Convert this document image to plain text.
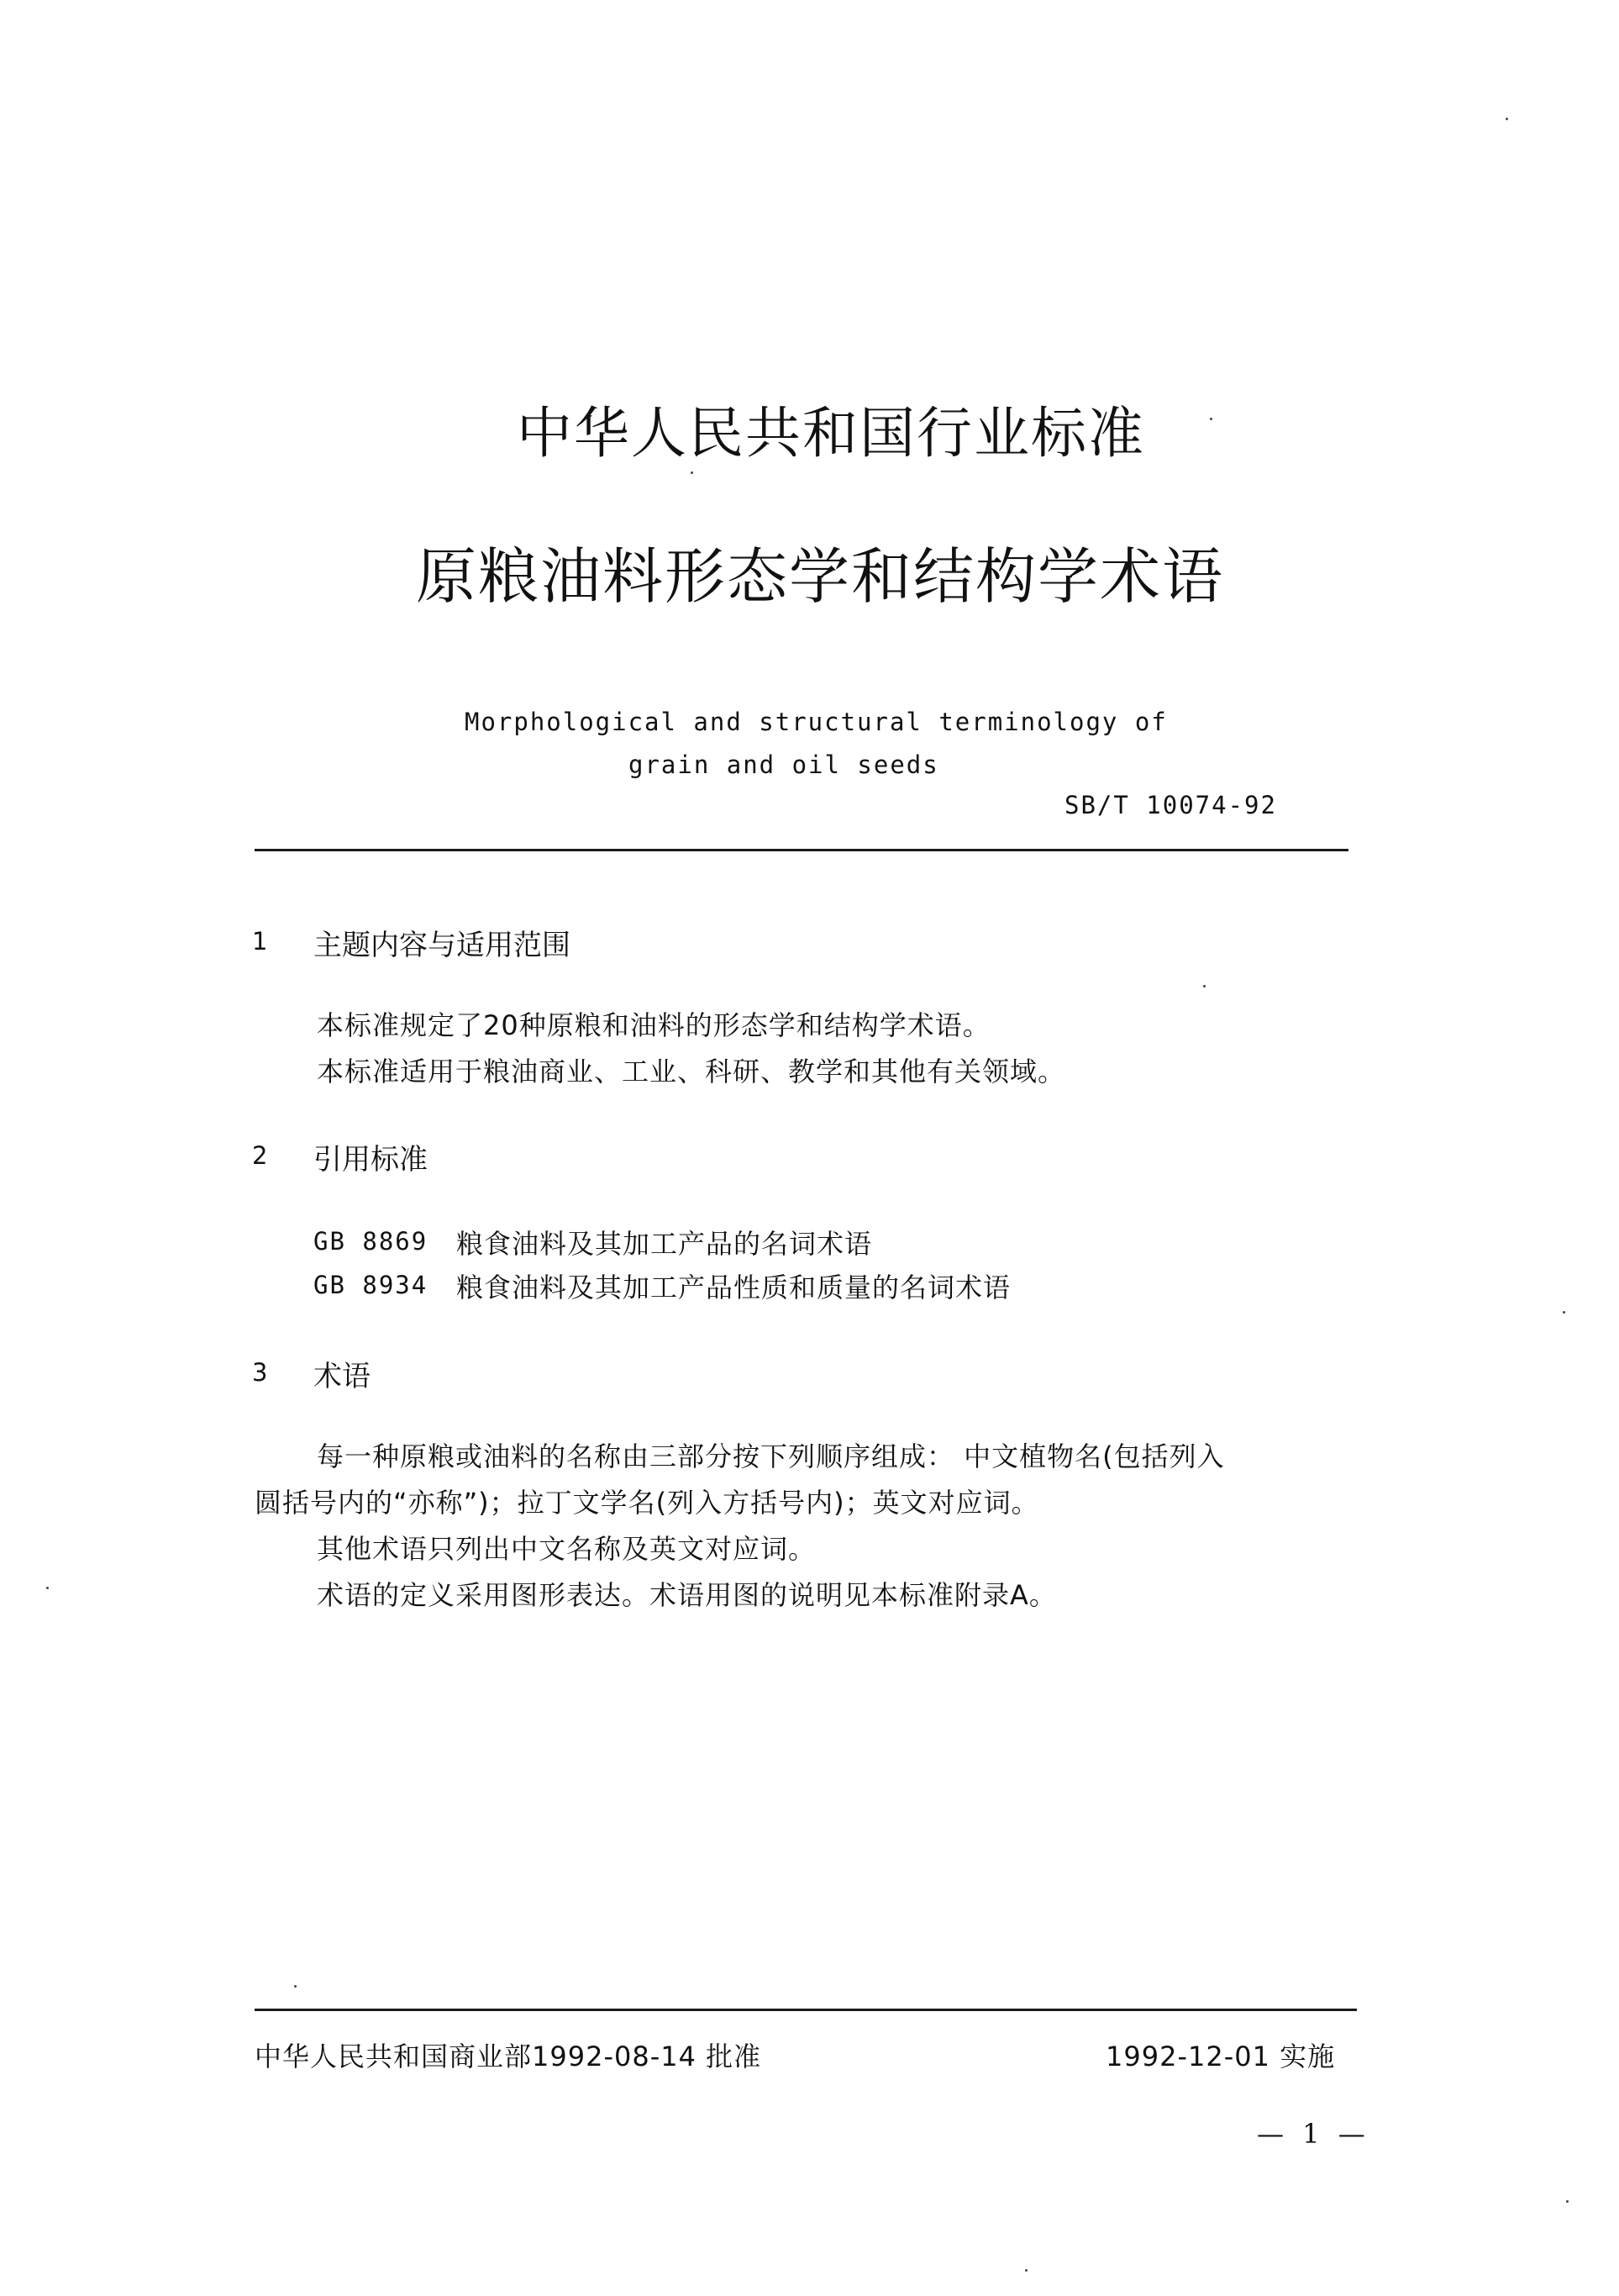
中华人民共和国行业标准
原粮油料形态学和结构学术语
Morphological and structural terminology of
grain and oil seeds
SB/T 10074-92
1 主题内容与适用范围
本标准规定了20种原粮和油料的形态学和结构学术语。
本标准适用于粮油商业、工业、科研、教学和其他有关领域。
2 引用标准
GB 8869 粮食油料及其加工产品的名词术语
GB 8934 粮食油料及其加工产品性质和质量的名词术语
3 术语
每一种原粮或油料的名称由三部分按下列顺序组成： 中文植物名(包括列入
圆括号内的“亦称”)；拉丁文学名(列入方括号内)；英文对应词。
其他术语只列出中文名称及英文对应词。
术语的定义采用图形表达。术语用图的说明见本标准附录A。
中华人民共和国商业部1992-08-14 批准	1992-12-01 实施
— 1 —
